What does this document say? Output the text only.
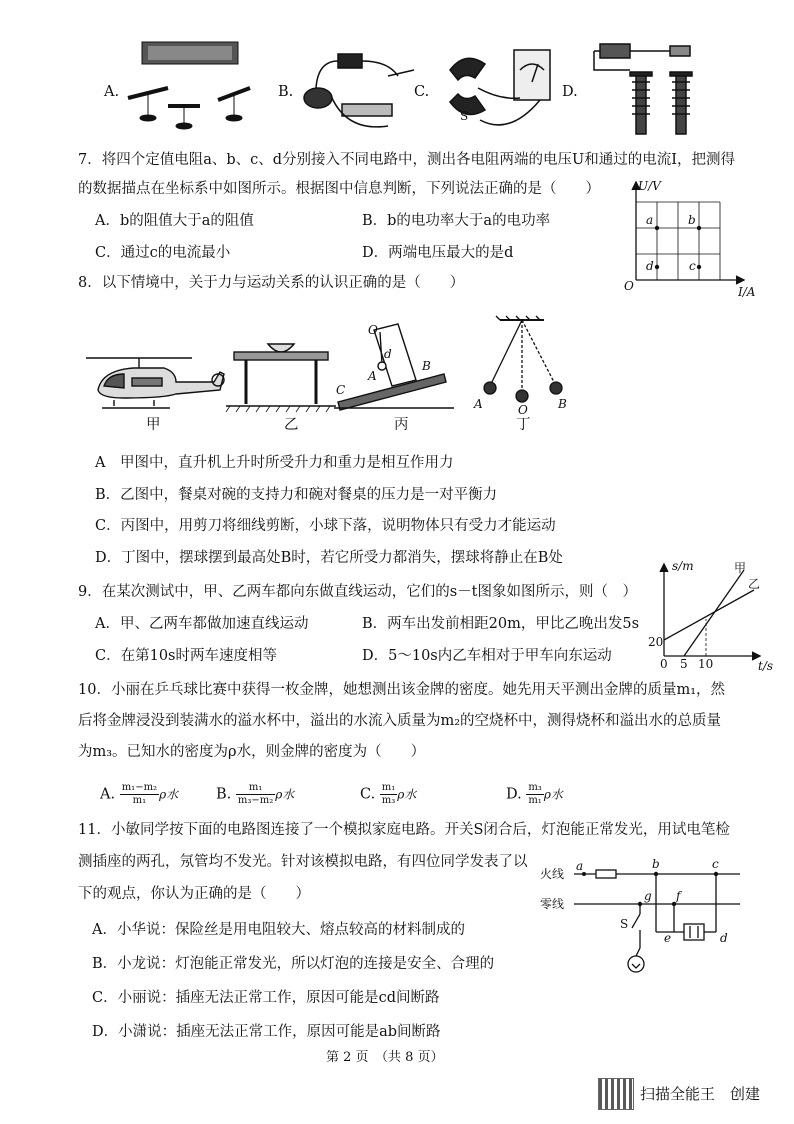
A.	B.
S
C.	D.
7．将四个定值电阻a、b、c、d分别接入不同电路中，测出各电阻两端的电压U和通过的电流I，把测得
的数据描点在坐标系中如图所示。根据图中信息判断，下列说法正确的是（　　）
A．b的阻值大于a的阻值	B．b的电功率大于a的电功率
C．通过c的电流最小	D．两端电压最大的是d
U/V
I/A
O
a	b
c
d
8．以下情境中，关于力与运动关系的认识正确的是（　　）
甲	乙
O
A
B
C
d
丙
A	O	B
丁
A　甲图中，直升机上升时所受升力和重力是相互作用力
B．乙图中，餐桌对碗的支持力和碗对餐桌的压力是一对平衡力
C．丙图中，用剪刀将细线剪断，小球下落，说明物体只有受力才能运动
D．丁图中，摆球摆到最高处B时，若它所受力都消失，摆球将静止在B处
9．在某次测试中，甲、乙两车都向东做直线运动，它们的s－t图象如图所示，则（　）
A．甲、乙两车都做加速直线运动	B．两车出发前相距20m，甲比乙晚出发5s
C．在第10s时两车速度相等	D．5～10s内乙车相对于甲车向东运动
s/m
t/s
甲
乙
20
0 5 10
10．小丽在乒乓球比赛中获得一枚金牌，她想测出该金牌的密度。她先用天平测出金牌的质量m₁，然
后将金牌浸没到装满水的溢水杯中，溢出的水流入质量为m₂的空烧杯中，测得烧杯和溢出水的总质量
为m₃。已知水的密度为ρ水，则金牌的密度为（　　）
A. $\frac{\text{m₁−m₂}}{\text{m₁}}$ ρ水	B. $\frac{\text{m₁}}{\text{m₃−m₂}}$ ρ水	C. $\frac{\text{m₁}}{\text{m₃}}$ ρ水	D. $\frac{\text{m₃}}{\text{m₁}}$ ρ水
11．小敏同学按下面的电路图连接了一个模拟家庭电路。开关S闭合后，灯泡能正常发光，用试电笔检
测插座的两孔，氖管均不发光。针对该模拟电路，有四位同学发表了以
下的观点，你认为正确的是（　　）
A．小华说：保险丝是用电阻较大、熔点较高的材料制成的
B．小龙说：灯泡能正常发光，所以灯泡的连接是安全、合理的
C．小丽说：插座无法正常工作，原因可能是cd间断路
D．小潇说：插座无法正常工作，原因可能是ab间断路
火线
零线
a	b	c
d
e
f
g
S
第 2 页　（共 8 页）
扫描全能王　创建
